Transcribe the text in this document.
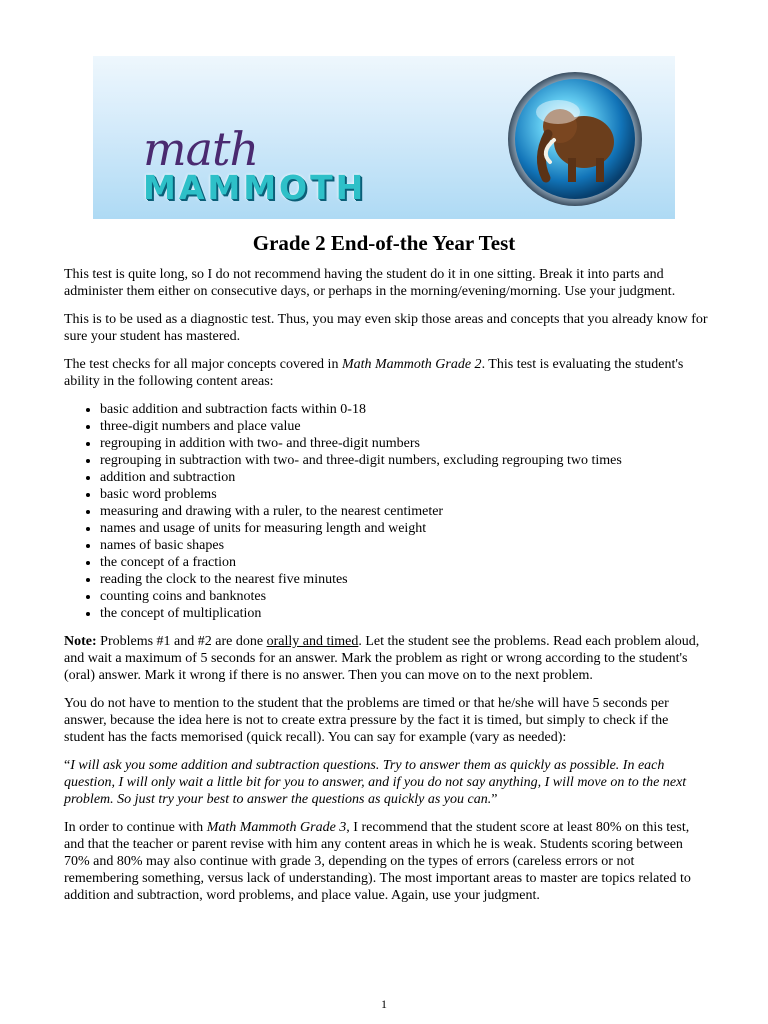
math
MAMMOTH
Grade 2 End-of-the Year Test

This test is quite long, so I do not recommend having the student do it in one sitting. Break it into parts and administer them either on consecutive days, or perhaps in the morning/evening/morning. Use your judgment.

This is to be used as a diagnostic test. Thus, you may even skip those areas and concepts that you already know for sure your student has mastered.

The test checks for all major concepts covered in Math Mammoth Grade 2. This test is evaluating the student's ability in the following content areas:

• basic addition and subtraction facts within 0-18
• three-digit numbers and place value
• regrouping in addition with two- and three-digit numbers
• regrouping in subtraction with two- and three-digit numbers, excluding regrouping two times
• addition and subtraction
• basic word problems
• measuring and drawing with a ruler, to the nearest centimeter
• names and usage of units for measuring length and weight
• names of basic shapes
• the concept of a fraction
• reading the clock to the nearest five minutes
• counting coins and banknotes
• the concept of multiplication

Note: Problems #1 and #2 are done orally and timed. Let the student see the problems. Read each problem aloud, and wait a maximum of 5 seconds for an answer. Mark the problem as right or wrong according to the student's (oral) answer. Mark it wrong if there is no answer. Then you can move on to the next problem.

You do not have to mention to the student that the problems are timed or that he/she will have 5 seconds per answer, because the idea here is not to create extra pressure by the fact it is timed, but simply to check if the student has the facts memorised (quick recall). You can say for example (vary as needed):

“I will ask you some addition and subtraction questions. Try to answer them as quickly as possible. In each question, I will only wait a little bit for you to answer, and if you do not say anything, I will move on to the next problem. So just try your best to answer the questions as quickly as you can.”

In order to continue with Math Mammoth Grade 3, I recommend that the student score at least 80% on this test, and that the teacher or parent revise with him any content areas in which he is weak. Students scoring between 70% and 80% may also continue with grade 3, depending on the types of errors (careless errors or not remembering something, versus lack of understanding). The most important areas to master are topics related to addition and subtraction, word problems, and place value. Again, use your judgment.

1
